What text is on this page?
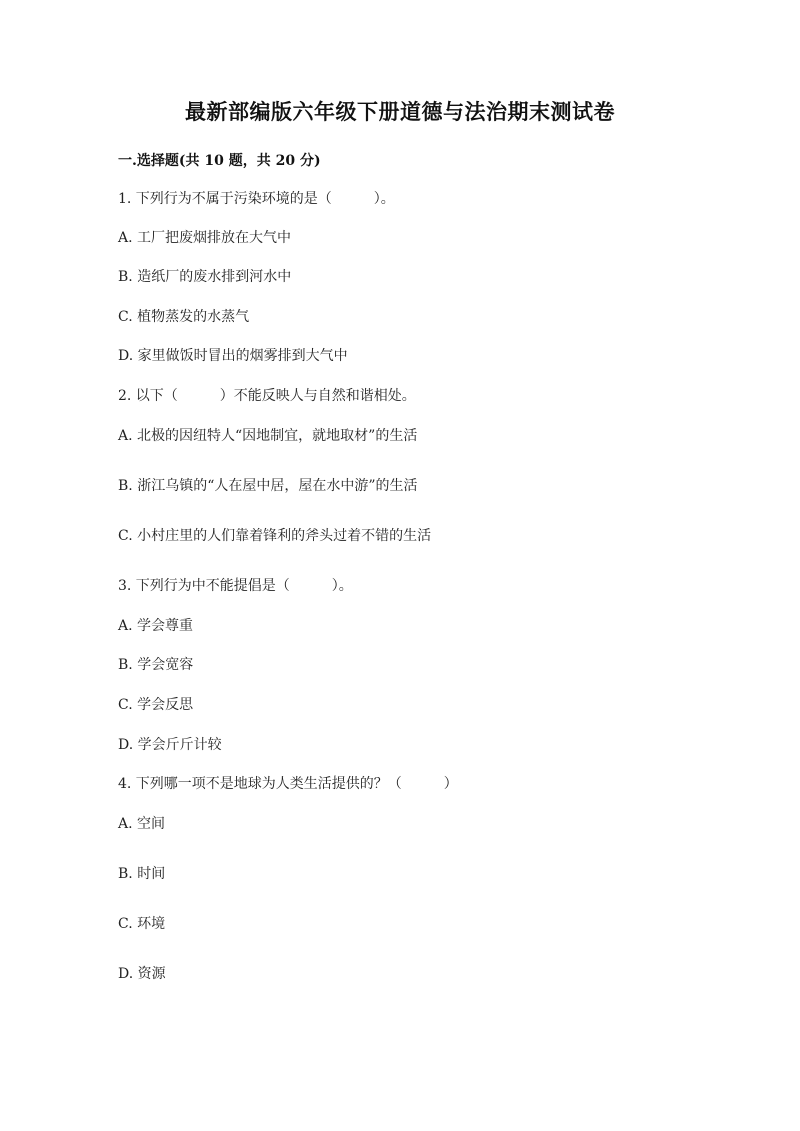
最新部编版六年级下册道德与法治期末测试卷
一.选择题(共 10 题，共 20 分)
1. 下列行为不属于污染环境的是（　　　）。
A. 工厂把废烟排放在大气中
B. 造纸厂的废水排到河水中
C. 植物蒸发的水蒸气
D. 家里做饭时冒出的烟雾排到大气中
2. 以下（　　　）不能反映人与自然和谐相处。
A. 北极的因纽特人“因地制宜，就地取材”的生活
B. 浙江乌镇的“人在屋中居，屋在水中游”的生活
C. 小村庄里的人们靠着锋利的斧头过着不错的生活
3. 下列行为中不能提倡是（　　　）。
A. 学会尊重
B. 学会宽容
C. 学会反思
D. 学会斤斤计较
4. 下列哪一项不是地球为人类生活提供的？（　　　）
A. 空间
B. 时间
C. 环境
D. 资源
